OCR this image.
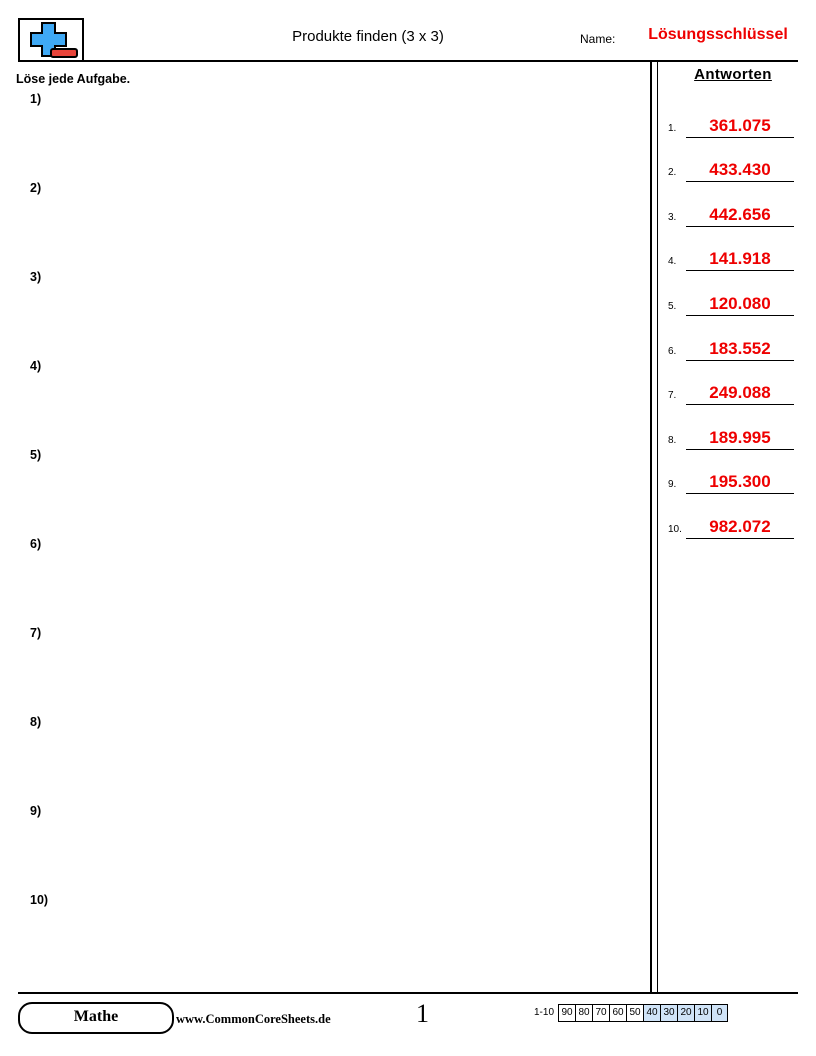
Produkte finden (3 x 3)	Name:	Lösungsschlüssel
Löse jede Aufgabe.
1)
2)
3)
4)
5)
6)
7)
8)
9)
10)
Antworten
1.	361.075
2.	433.430
3.	442.656
4.	141.918
5.	120.080
6.	183.552
7.	249.088
8.	189.995
9.	195.300
10.	982.072
Mathe	www.CommonCoreSheets.de	1	1-10 90 80 70 60 50 40 30 20 10 0
